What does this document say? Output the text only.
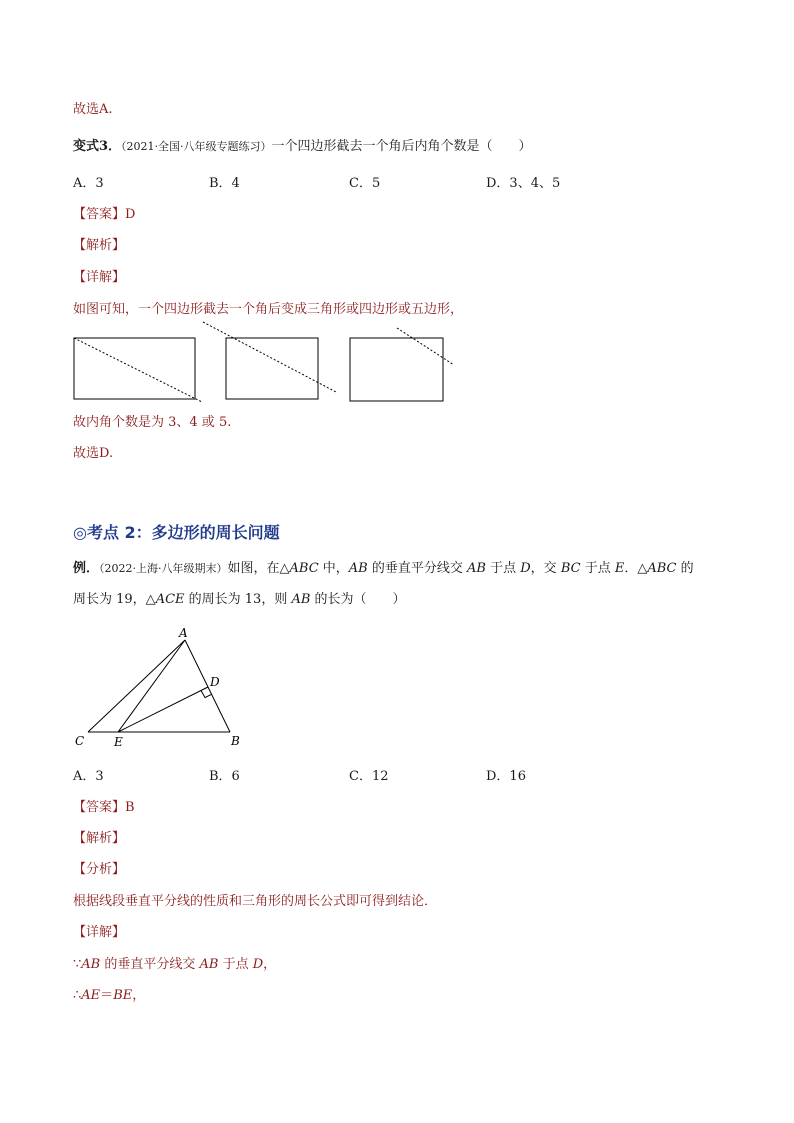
故选A.
变式3．（2021·全国·八年级专题练习）一个四边形截去一个角后内角个数是（　　）
A．3	B．4	C．5	D．3、4、5
【答案】D
【解析】
【详解】
如图可知，一个四边形截去一个角后变成三角形或四边形或五边形，
故内角个数是为 3、4 或 5.
故选D.
◎考点 2：多边形的周长问题
例．（2022·上海·八年级期末）如图，在△ABC 中，AB 的垂直平分线交 AB 于点 D，交 BC 于点 E．△ABC 的
周长为 19，△ACE 的周长为 13，则 AB 的长为（　　）
A
B
C
D
E
A．3	B．6	C．12	D．16
【答案】B
【解析】
【分析】
根据线段垂直平分线的性质和三角形的周长公式即可得到结论．
【详解】
∵AB 的垂直平分线交 AB 于点 D，
∴AE＝BE，
